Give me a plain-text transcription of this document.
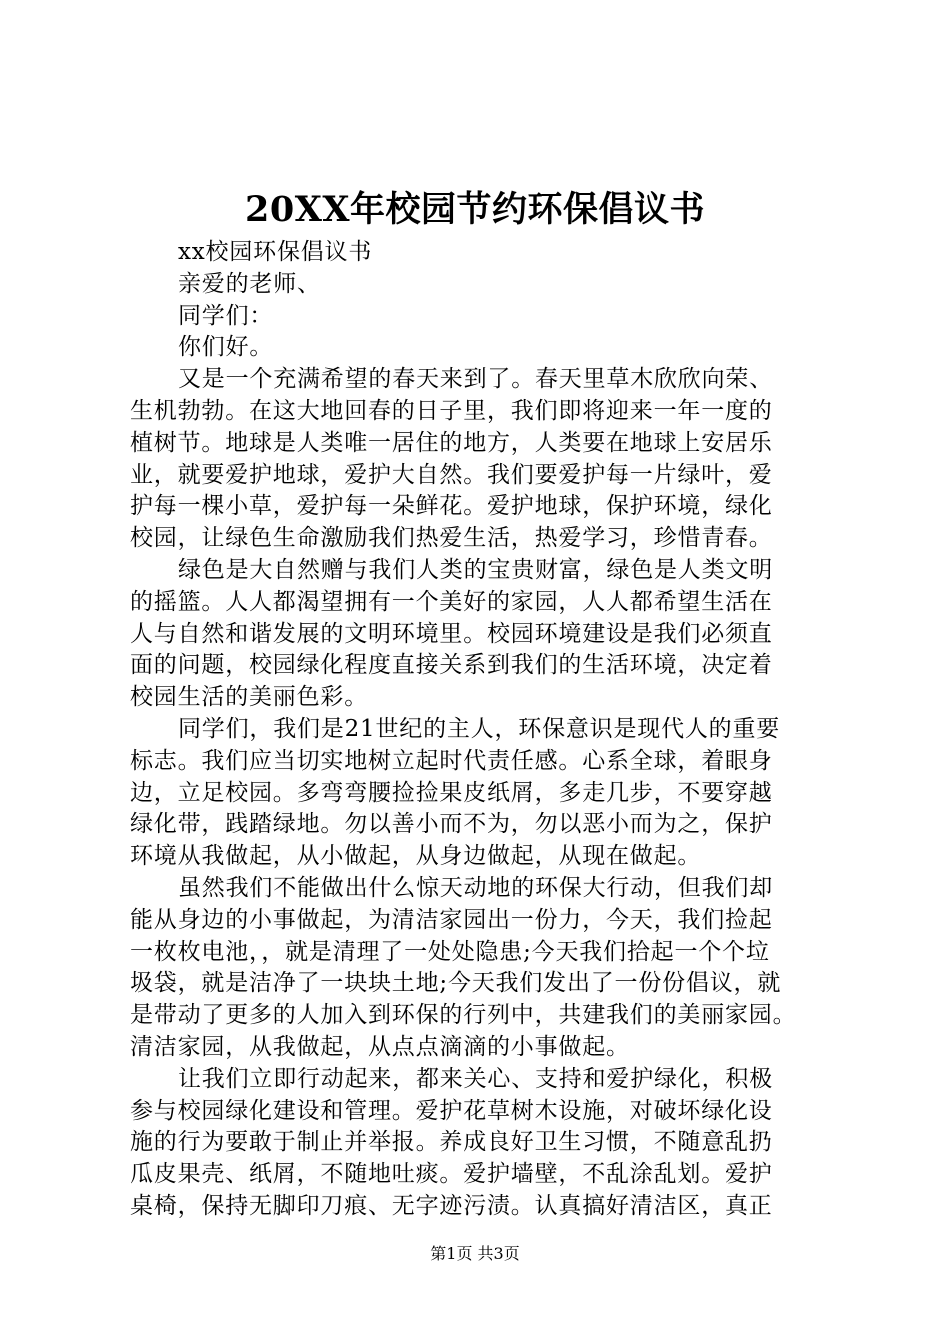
20XX年校园节约环保倡议书
xx校园环保倡议书
亲爱的老师、
同学们：
你们好。
又是一个充满希望的春天来到了。春天里草木欣欣向荣、
生机勃勃。在这大地回春的日子里，我们即将迎来一年一度的
植树节。地球是人类唯一居住的地方，人类要在地球上安居乐
业，就要爱护地球，爱护大自然。我们要爱护每一片绿叶，爱
护每一棵小草，爱护每一朵鲜花。爱护地球，保护环境，绿化
校园，让绿色生命激励我们热爱生活，热爱学习，珍惜青春。
绿色是大自然赠与我们人类的宝贵财富，绿色是人类文明
的摇篮。人人都渴望拥有一个美好的家园，人人都希望生活在
人与自然和谐发展的文明环境里。校园环境建设是我们必须直
面的问题，校园绿化程度直接关系到我们的生活环境，决定着
校园生活的美丽色彩。
同学们，我们是21世纪的主人，环保意识是现代人的重要
标志。我们应当切实地树立起时代责任感。心系全球，着眼身
边，立足校园。多弯弯腰捡捡果皮纸屑，多走几步，不要穿越
绿化带，践踏绿地。勿以善小而不为，勿以恶小而为之，保护
环境从我做起，从小做起，从身边做起，从现在做起。
虽然我们不能做出什么惊天动地的环保大行动，但我们却
能从身边的小事做起，为清洁家园出一份力，今天，我们捡起
一枚枚电池，，就是清理了一处处隐患;今天我们拾起一个个垃
圾袋，就是洁净了一块块土地;今天我们发出了一份份倡议，就
是带动了更多的人加入到环保的行列中，共建我们的美丽家园。
清洁家园，从我做起，从点点滴滴的小事做起。
让我们立即行动起来，都来关心、支持和爱护绿化，积极
参与校园绿化建设和管理。爱护花草树木设施，对破坏绿化设
施的行为要敢于制止并举报。养成良好卫生习惯，不随意乱扔
瓜皮果壳、纸屑，不随地吐痰。爱护墙壁，不乱涂乱划。爱护
桌椅，保持无脚印刀痕、无字迹污渍。认真搞好清洁区，真正
第1页 共3页
